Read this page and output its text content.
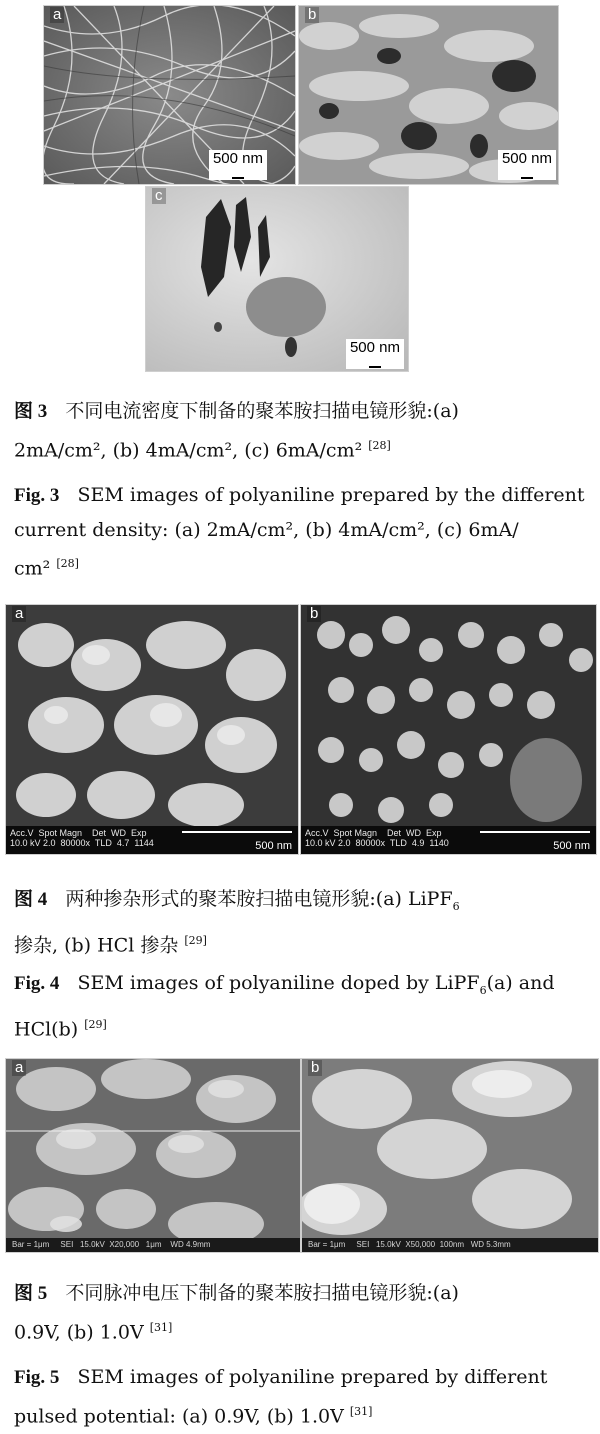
a
500 nm
b
500 nm
c
500 nm
图 3 不同电流密度下制备的聚苯胺扫描电镜形貌:(a)
2mA/cm², (b) 4mA/cm², (c) 6mA/cm² [28]
Fig. 3 SEM images of polyaniline prepared by the different
current density: (a) 2mA/cm², (b) 4mA/cm², (c) 6mA/
cm² [28]
a
Acc.V  Spot Magn    Det  WD  Exp
10.0 kV 2.0  80000x  TLD  4.7  1144	500 nm
b
Acc.V  Spot Magn    Det  WD  Exp
10.0 kV 2.0  80000x  TLD  4.9  1140	500 nm
图 4 两种掺杂形式的聚苯胺扫描电镜形貌:(a) LiPF$_6$
掺杂, (b) HCl 掺杂 [29]
Fig. 4 SEM images of polyaniline doped by LiPF$_6$(a) and
HCl(b) [29]
a
Bar = 1μm     SEI   15.0kV  X20,000   1μm    WD 4.9mm
b
Bar = 1μm     SEI   15.0kV  X50,000  100nm   WD 5.3mm
图 5 不同脉冲电压下制备的聚苯胺扫描电镜形貌:(a)
0.9V, (b) 1.0V [31]
Fig. 5 SEM images of polyaniline prepared by different
pulsed potential: (a) 0.9V, (b) 1.0V [31]
